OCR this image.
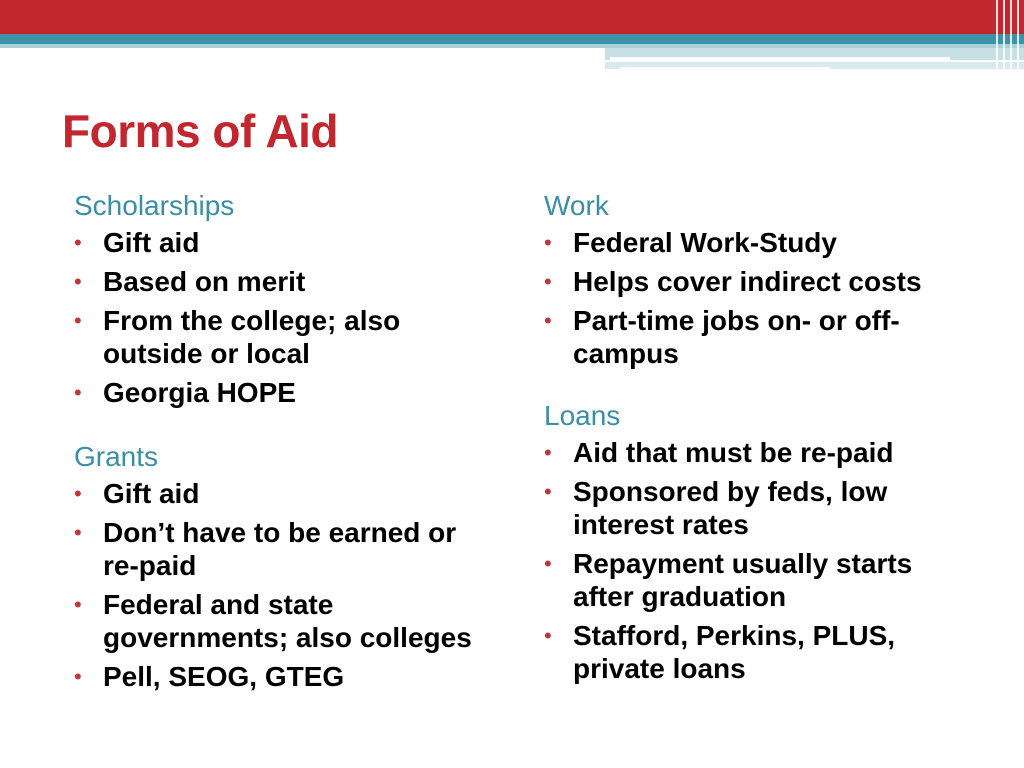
Forms of Aid
Scholarships
• Gift aid
• Based on merit
• From the college; also outside or local
• Georgia HOPE
Grants
• Gift aid
• Don’t have to be earned or re-paid
• Federal and state governments; also colleges
• Pell, SEOG, GTEG
Work
• Federal Work-Study
• Helps cover indirect costs
• Part-time jobs on- or off-campus
Loans
• Aid that must be re-paid
• Sponsored by feds, low interest rates
• Repayment usually starts after graduation
• Stafford, Perkins, PLUS, private loans
